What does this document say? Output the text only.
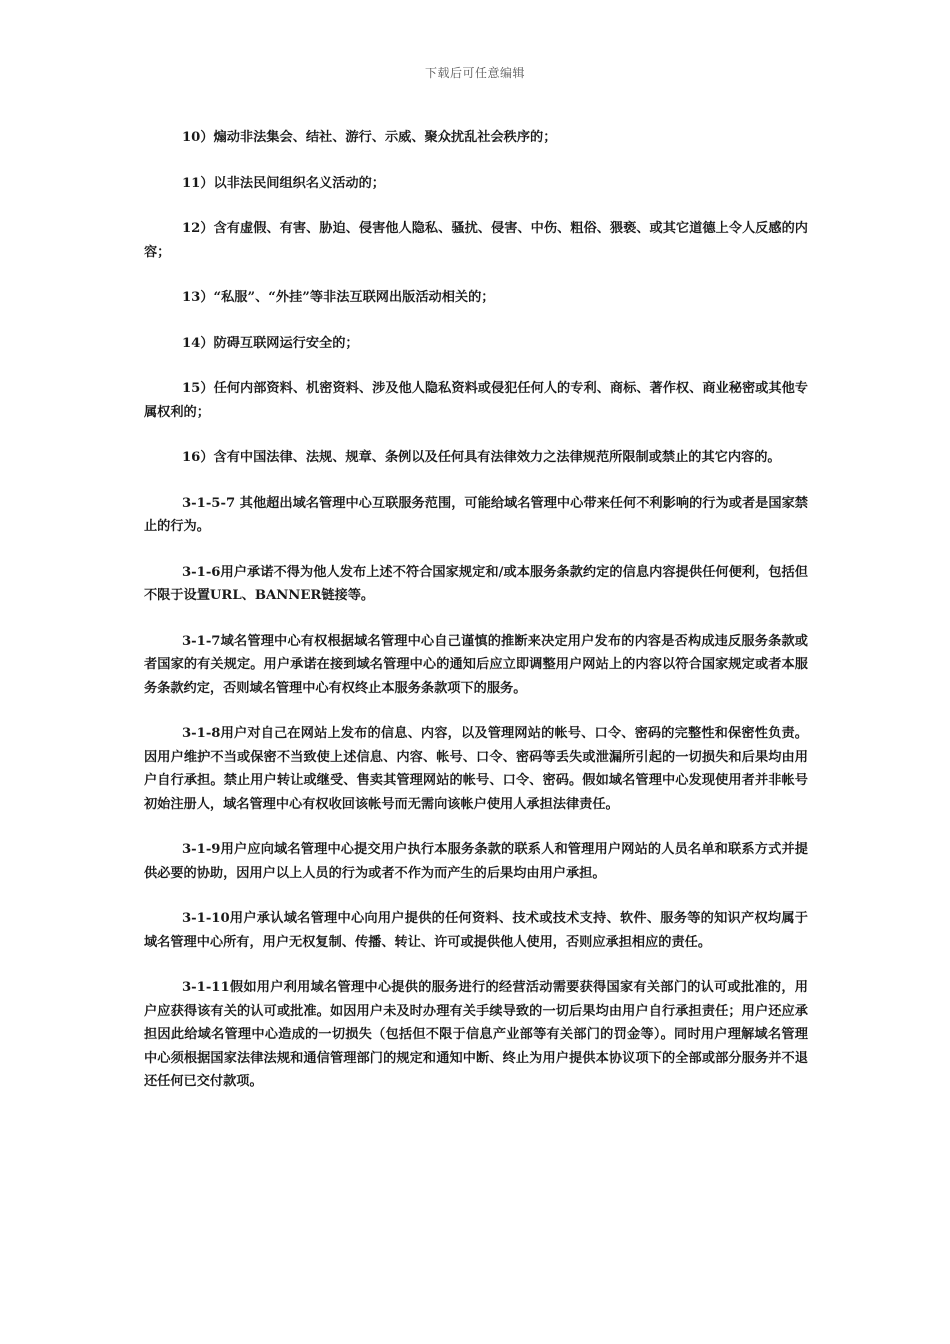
下载后可任意编辑

10）煽动非法集会、结社、游行、示威、聚众扰乱社会秩序的；

11）以非法民间组织名义活动的；

12）含有虚假、有害、胁迫、侵害他人隐私、骚扰、侵害、中伤、粗俗、猥亵、或其它道德上令人反感的内容；

13）“私服”、“外挂”等非法互联网出版活动相关的；

14）防碍互联网运行安全的；

15）任何内部资料、机密资料、涉及他人隐私资料或侵犯任何人的专利、商标、著作权、商业秘密或其他专属权利的；

16）含有中国法律、法规、规章、条例以及任何具有法律效力之法律规范所限制或禁止的其它内容的。

3-1-5-7 其他超出域名管理中心互联服务范围，可能给域名管理中心带来任何不利影响的行为或者是国家禁止的行为。

3-1-6用户承诺不得为他人发布上述不符合国家规定和/或本服务条款约定的信息内容提供任何便利，包括但不限于设置URL、BANNER链接等。

3-1-7域名管理中心有权根据域名管理中心自己谨慎的推断来决定用户发布的内容是否构成违反服务条款或者国家的有关规定。用户承诺在接到域名管理中心的通知后应立即调整用户网站上的内容以符合国家规定或者本服务条款约定，否则域名管理中心有权终止本服务条款项下的服务。

3-1-8用户对自己在网站上发布的信息、内容，以及管理网站的帐号、口令、密码的完整性和保密性负责。因用户维护不当或保密不当致使上述信息、内容、帐号、口令、密码等丢失或泄漏所引起的一切损失和后果均由用户自行承担。禁止用户转让或继受、售卖其管理网站的帐号、口令、密码。假如域名管理中心发现使用者并非帐号初始注册人，域名管理中心有权收回该帐号而无需向该帐户使用人承担法律责任。

3-1-9用户应向域名管理中心提交用户执行本服务条款的联系人和管理用户网站的人员名单和联系方式并提供必要的协助，因用户以上人员的行为或者不作为而产生的后果均由用户承担。

3-1-10用户承认域名管理中心向用户提供的任何资料、技术或技术支持、软件、服务等的知识产权均属于域名管理中心所有，用户无权复制、传播、转让、许可或提供他人使用，否则应承担相应的责任。

3-1-11假如用户利用域名管理中心提供的服务进行的经营活动需要获得国家有关部门的认可或批准的，用户应获得该有关的认可或批准。如因用户未及时办理有关手续导致的一切后果均由用户自行承担责任；用户还应承担因此给域名管理中心造成的一切损失（包括但不限于信息产业部等有关部门的罚金等）。同时用户理解域名管理中心须根据国家法律法规和通信管理部门的规定和通知中断、终止为用户提供本协议项下的全部或部分服务并不退还任何已交付款项。
